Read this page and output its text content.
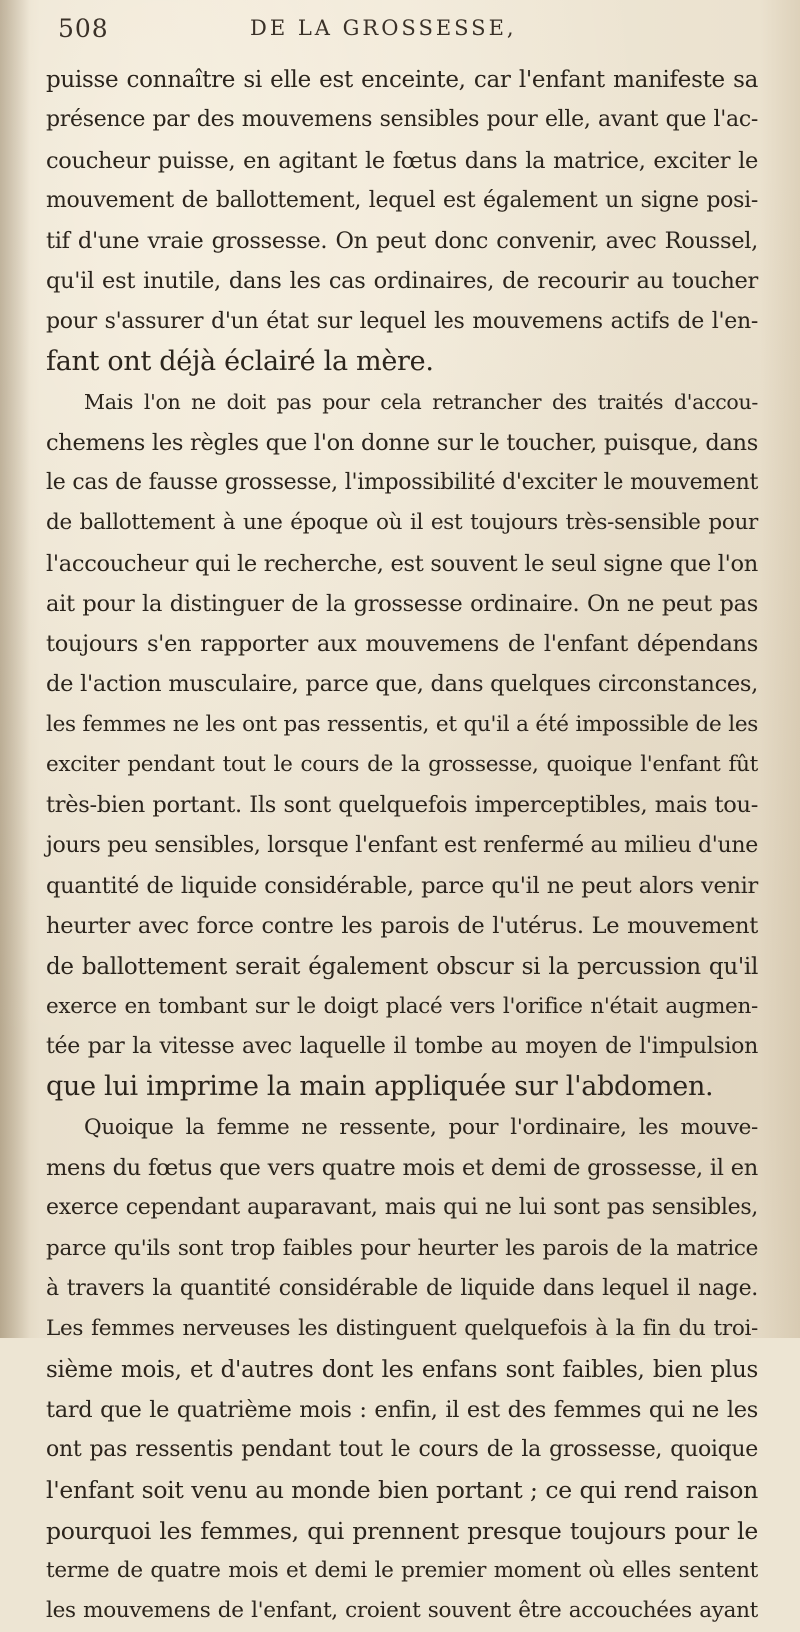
508	DE LA GROSSESSE,
puisse connaître si elle est enceinte, car l'enfant manifeste sa
présence par des mouvemens sensibles pour elle, avant que l'ac-
coucheur puisse, en agitant le fœtus dans la matrice, exciter le
mouvement de ballottement, lequel est également un signe posi-
tif d'une vraie grossesse. On peut donc convenir, avec Roussel,
qu'il est inutile, dans les cas ordinaires, de recourir au toucher
pour s'assurer d'un état sur lequel les mouvemens actifs de l'en-
fant ont déjà éclairé la mère.
Mais l'on ne doit pas pour cela retrancher des traités d'accou-
chemens les règles que l'on donne sur le toucher, puisque, dans
le cas de fausse grossesse, l'impossibilité d'exciter le mouvement
de ballottement à une époque où il est toujours très-sensible pour
l'accoucheur qui le recherche, est souvent le seul signe que l'on
ait pour la distinguer de la grossesse ordinaire. On ne peut pas
toujours s'en rapporter aux mouvemens de l'enfant dépendans
de l'action musculaire, parce que, dans quelques circonstances,
les femmes ne les ont pas ressentis, et qu'il a été impossible de les
exciter pendant tout le cours de la grossesse, quoique l'enfant fût
très-bien portant. Ils sont quelquefois imperceptibles, mais tou-
jours peu sensibles, lorsque l'enfant est renfermé au milieu d'une
quantité de liquide considérable, parce qu'il ne peut alors venir
heurter avec force contre les parois de l'utérus. Le mouvement
de ballottement serait également obscur si la percussion qu'il
exerce en tombant sur le doigt placé vers l'orifice n'était augmen-
tée par la vitesse avec laquelle il tombe au moyen de l'impulsion
que lui imprime la main appliquée sur l'abdomen.
Quoique la femme ne ressente, pour l'ordinaire, les mouve-
mens du fœtus que vers quatre mois et demi de grossesse, il en
exerce cependant auparavant, mais qui ne lui sont pas sensibles,
parce qu'ils sont trop faibles pour heurter les parois de la matrice
à travers la quantité considérable de liquide dans lequel il nage.
Les femmes nerveuses les distinguent quelquefois à la fin du troi-
sième mois, et d'autres dont les enfans sont faibles, bien plus
tard que le quatrième mois : enfin, il est des femmes qui ne les
ont pas ressentis pendant tout le cours de la grossesse, quoique
l'enfant soit venu au monde bien portant ; ce qui rend raison
pourquoi les femmes, qui prennent presque toujours pour le
terme de quatre mois et demi le premier moment où elles sentent
les mouvemens de l'enfant, croient souvent être accouchées ayant
